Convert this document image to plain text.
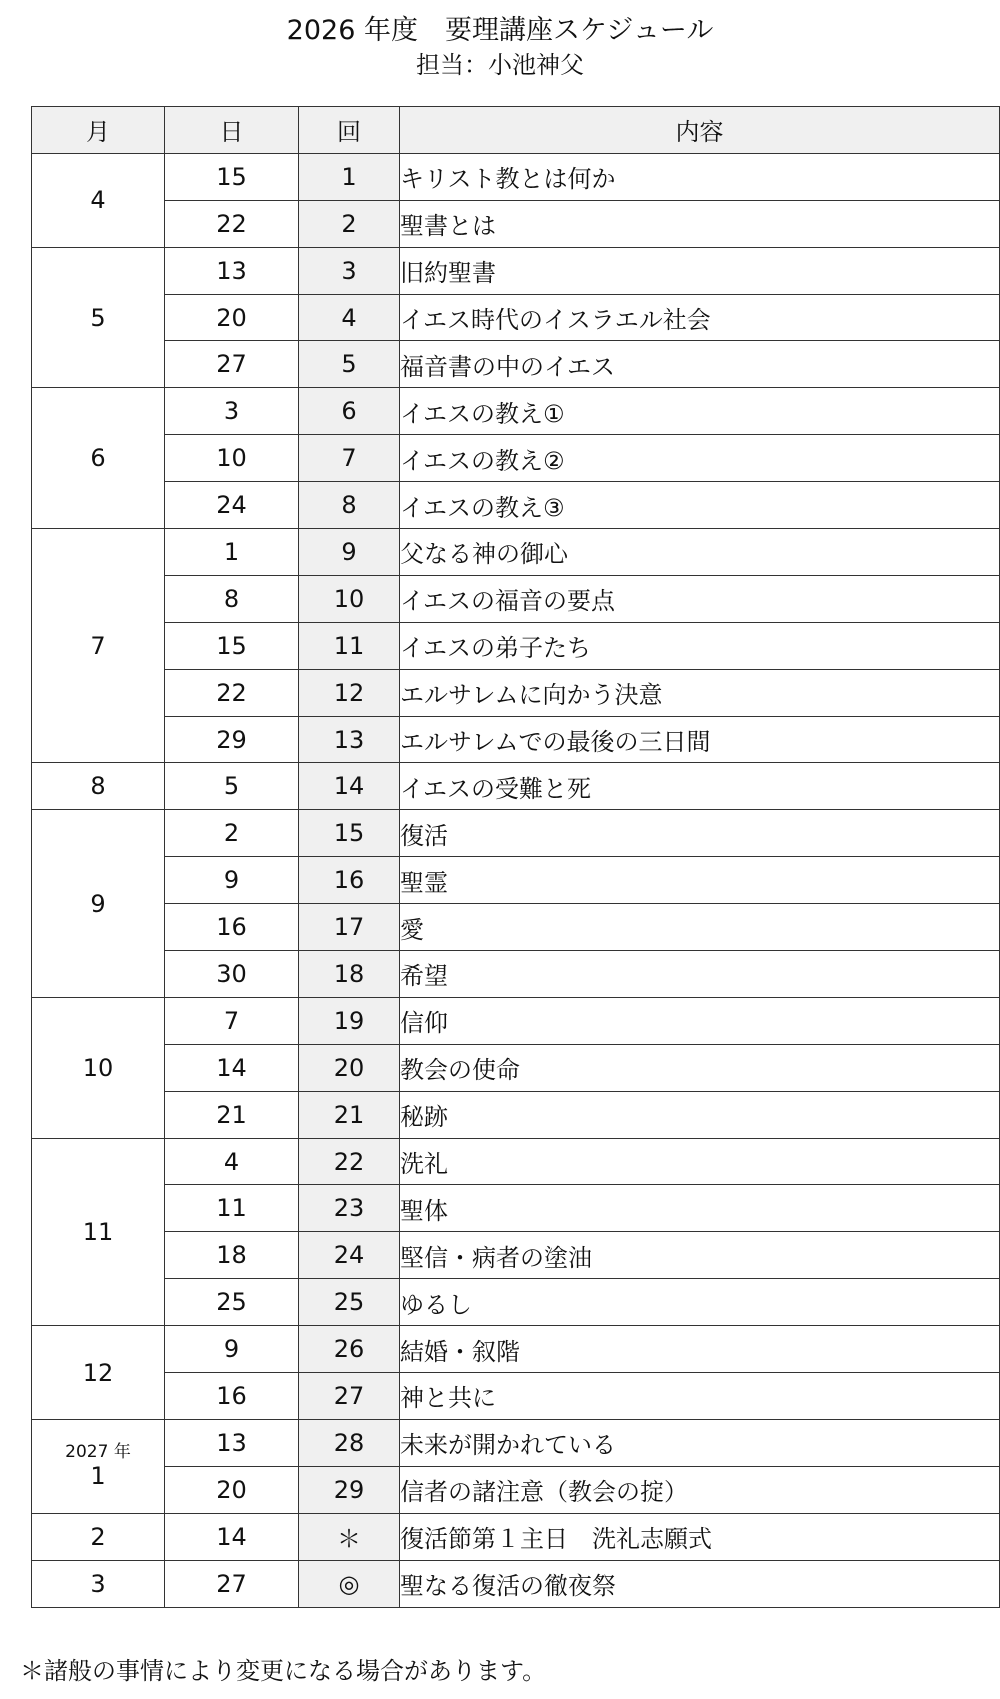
2026 年度　要理講座スケジュール
担当：小池神父
月	日	回	内容
4	15	1	キリスト教とは何か
	22	2	聖書とは
5	13	3	旧約聖書
	20	4	イエス時代のイスラエル社会
	27	5	福音書の中のイエス
6	3	6	イエスの教え①
	10	7	イエスの教え②
	24	8	イエスの教え③
7	1	9	父なる神の御心
	8	10	イエスの福音の要点
	15	11	イエスの弟子たち
	22	12	エルサレムに向かう決意
	29	13	エルサレムでの最後の三日間
8	5	14	イエスの受難と死
9	2	15	復活
	9	16	聖霊
	16	17	愛
	30	18	希望
10	7	19	信仰
	14	20	教会の使命
	21	21	秘跡
11	4	22	洗礼
	11	23	聖体
	18	24	堅信・病者の塗油
	25	25	ゆるし
12	9	26	結婚・叙階
	16	27	神と共に

2027 年
1	13	28	未来が開かれている
	20	29	信者の諸注意（教会の掟）
2	14	＊	復活節第１主日　洗礼志願式
3	27	◎	聖なる復活の徹夜祭
＊諸般の事情により変更になる場合があります。
